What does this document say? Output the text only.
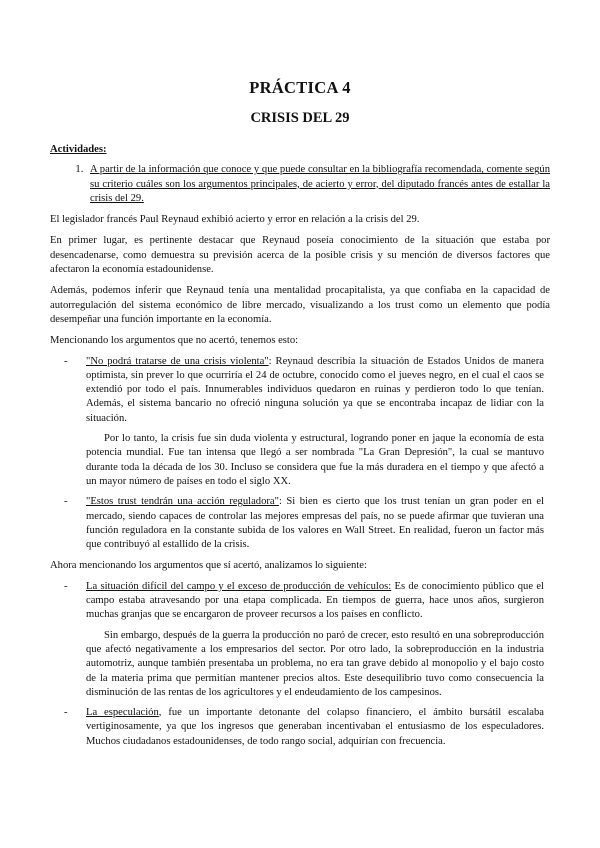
PRÁCTICA 4
CRISIS DEL 29

Actividades:

1. A partir de la información que conoce y que puede consultar en la bibliografía recomendada, comente según su criterio cuáles son los argumentos principales, de acierto y error, del diputado francés antes de estallar la crisis del 29.

El legislador francés Paul Reynaud exhibió acierto y error en relación a la crisis del 29.

En primer lugar, es pertinente destacar que Reynaud poseía conocimiento de la situación que estaba por desencadenarse, como demuestra su previsión acerca de la posible crisis y su mención de diversos factores que afectaron la economía estadounidense.

Además, podemos inferir que Reynaud tenía una mentalidad procapitalista, ya que confiaba en la capacidad de autorregulación del sistema económico de libre mercado, visualizando a los trust como un elemento que podía desempeñar una función importante en la economía.

Mencionando los argumentos que no acertó, tenemos esto:

- "No podrá tratarse de una crisis violenta": Reynaud describía la situación de Estados Unidos de manera optimista, sin prever lo que ocurriría el 24 de octubre, conocido como el jueves negro, en el cual el caos se extendió por todo el país. Innumerables individuos quedaron en ruinas y perdieron todo lo que tenían. Además, el sistema bancario no ofreció ninguna solución ya que se encontraba incapaz de lidiar con la situación.

Por lo tanto, la crisis fue sin duda violenta y estructural, logrando poner en jaque la economía de esta potencia mundial. Fue tan intensa que llegó a ser nombrada "La Gran Depresión", la cual se mantuvo durante toda la década de los 30. Incluso se considera que fue la más duradera en el tiempo y que afectó a un mayor número de países en todo el siglo XX.

- "Estos trust tendrán una acción reguladora": Si bien es cierto que los trust tenían un gran poder en el mercado, siendo capaces de controlar las mejores empresas del país, no se puede afirmar que tuvieran una función reguladora en la constante subida de los valores en Wall Street. En realidad, fueron un factor más que contribuyó al estallido de la crisis.

Ahora mencionando los argumentos que sí acertó, analizamos lo siguiente:

- La situación difícil del campo y el exceso de producción de vehículos: Es de conocimiento público que el campo estaba atravesando por una etapa complicada. En tiempos de guerra, hace unos años, surgieron muchas granjas que se encargaron de proveer recursos a los países en conflicto.

Sin embargo, después de la guerra la producción no paró de crecer, esto resultó en una sobreproducción que afectó negativamente a los empresarios del sector. Por otro lado, la sobreproducción en la industria automotriz, aunque también presentaba un problema, no era tan grave debido al monopolio y el bajo costo de la materia prima que permitían mantener precios altos. Este desequilibrio tuvo como consecuencia la disminución de las rentas de los agricultores y el endeudamiento de los campesinos.

- La especulación, fue un importante detonante del colapso financiero, el ámbito bursátil escalaba vertiginosamente, ya que los ingresos que generaban incentivaban el entusiasmo de los especuladores. Muchos ciudadanos estadounidenses, de todo rango social, adquirían con frecuencia.
